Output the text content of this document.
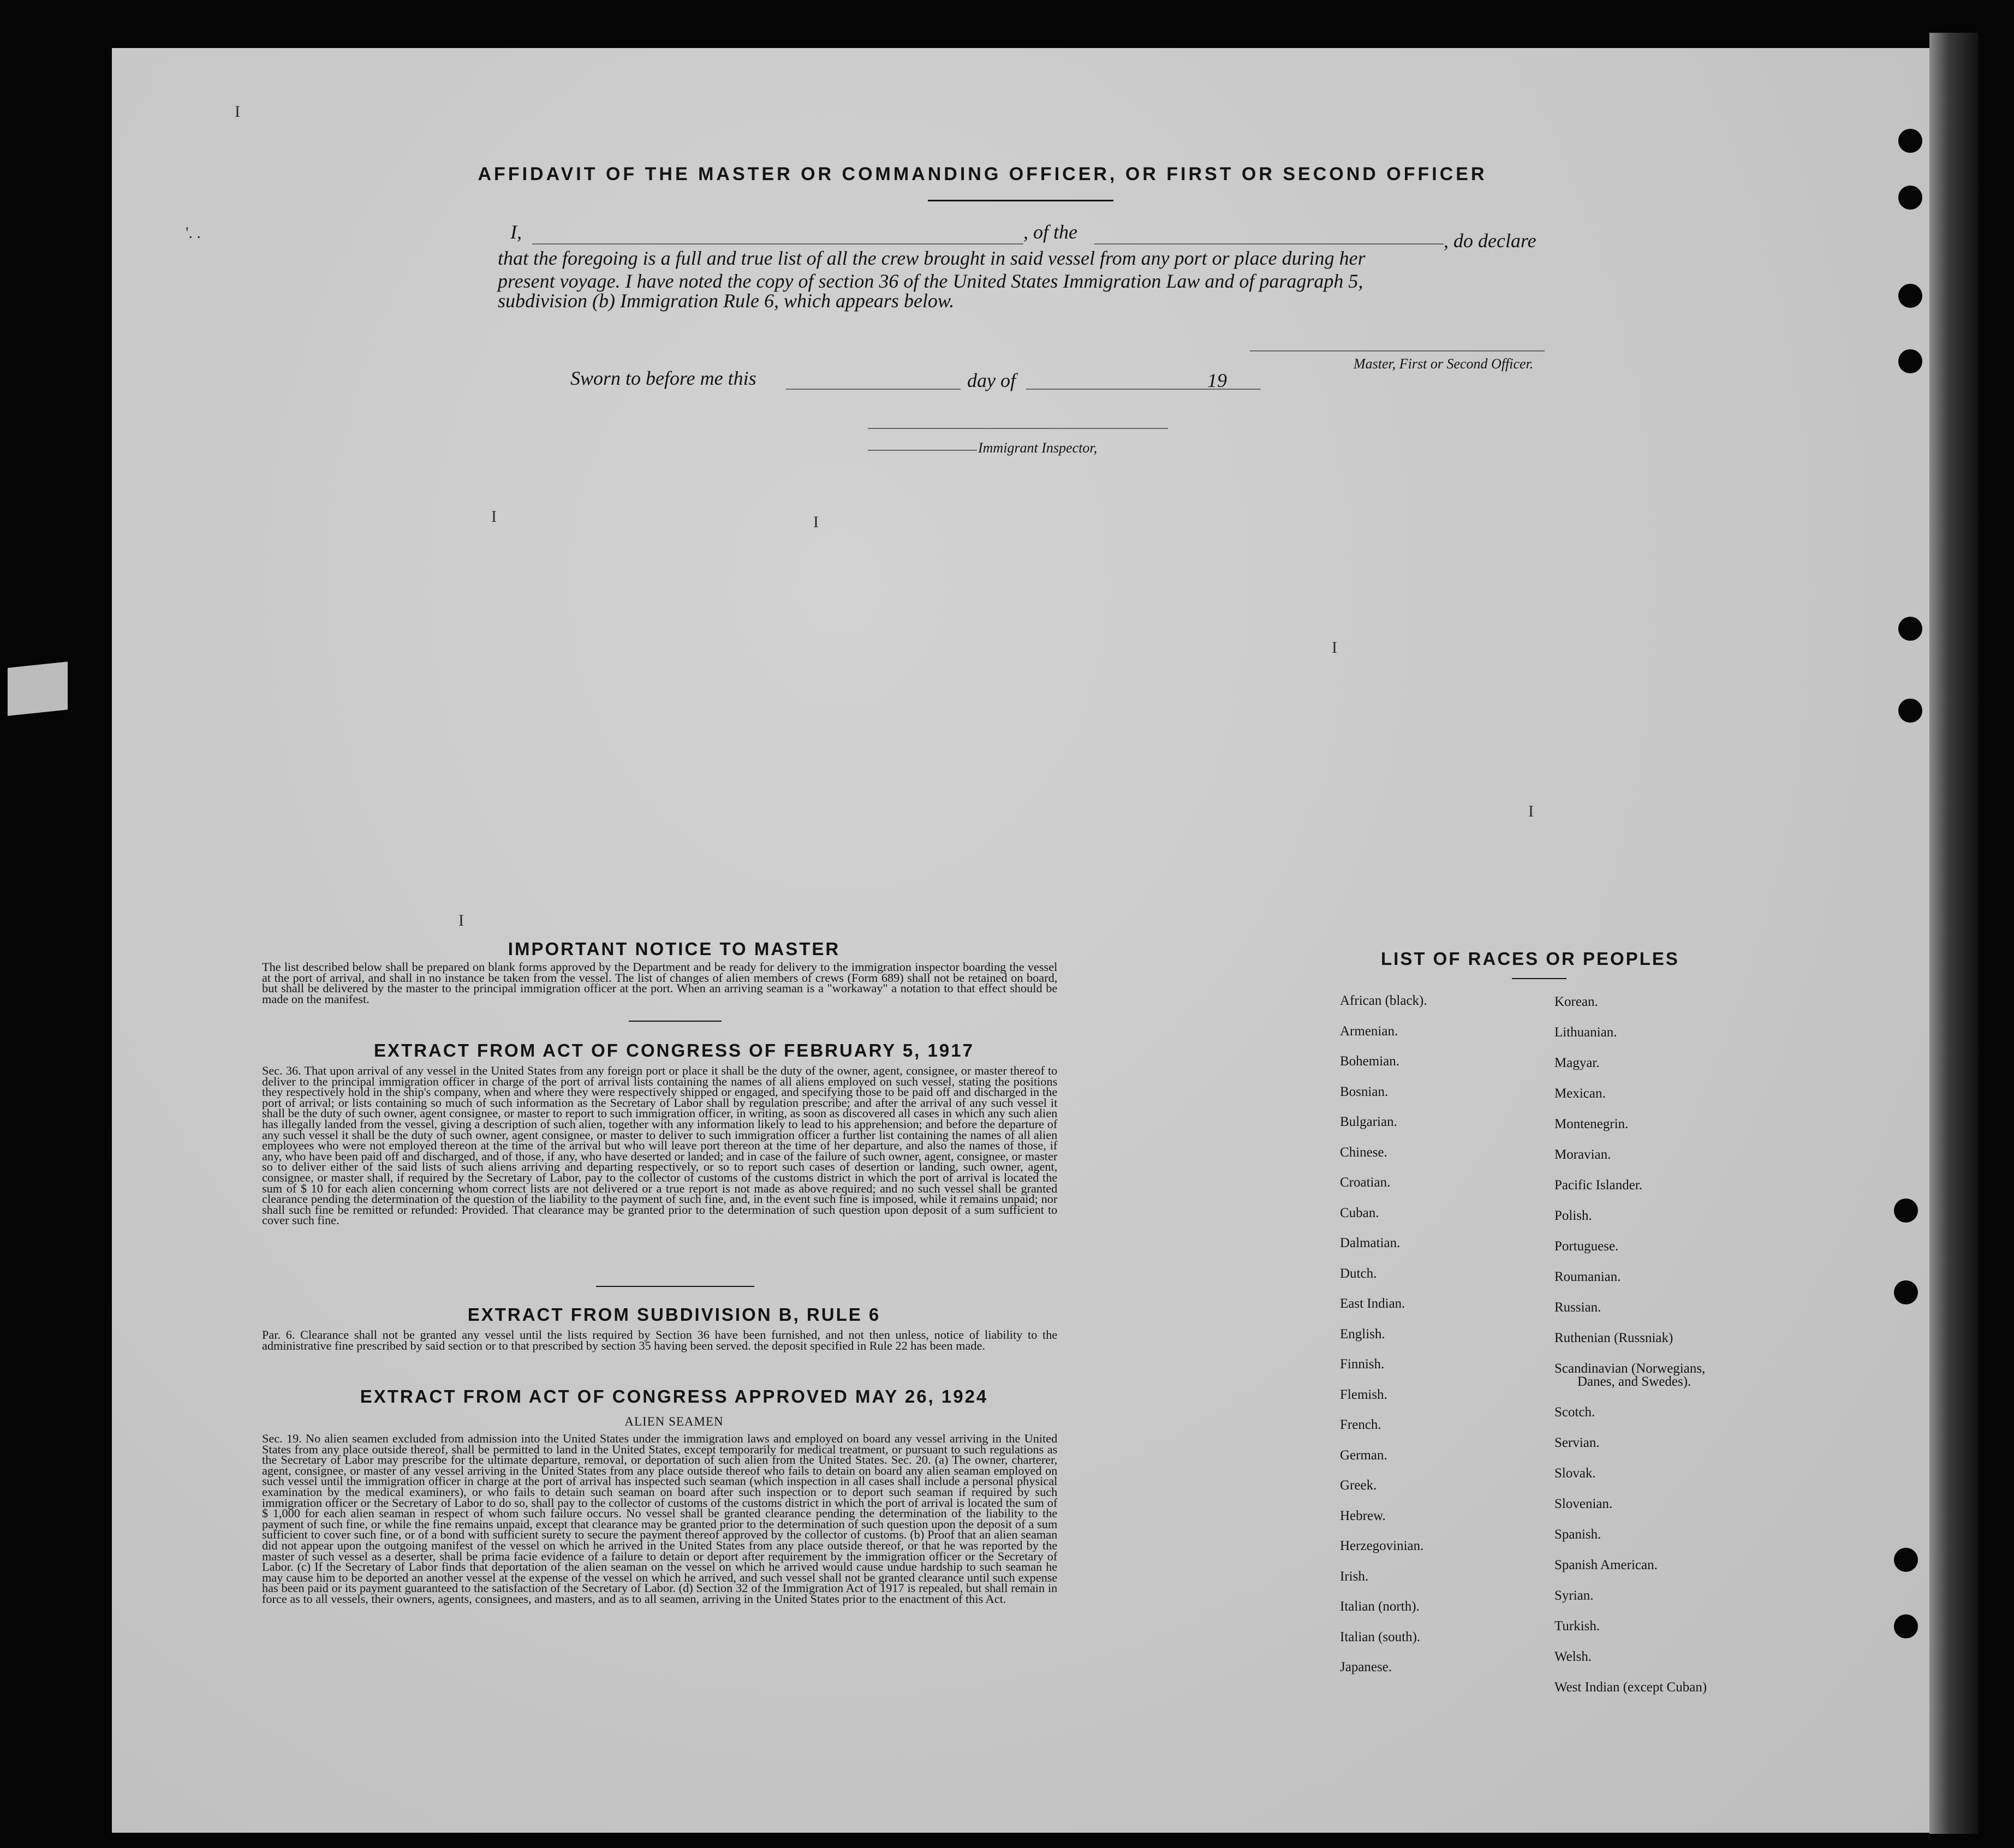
I
'. .
I	I
I
I
I
AFFIDAVIT OF THE MASTER OR COMMANDING OFFICER, OR FIRST OR SECOND OFFICER
I,	, of the	, do declare
that the foregoing is a full and true list of all the crew brought in said vessel from any port or place during her
present voyage. I have noted the copy of section 36 of the United States Immigration Law and of paragraph 5,
subdivision (b) Immigration Rule 6, which appears below.
Master, First or Second Officer.
Sworn to before me this	day of	19
Immigrant Inspector,
IMPORTANT NOTICE TO MASTER

The list described below shall be prepared on blank forms approved by the Department and be ready for delivery to the immigration inspector boarding the vessel at the port of arrival, and shall in no instance be taken from the vessel. The list of changes of alien members of crews (Form 689) shall not be retained on board, but shall be delivered by the master to the principal immigration officer at the port. When an arriving seaman is a "workaway" a notation to that effect should be made on the manifest.

EXTRACT FROM ACT OF CONGRESS OF FEBRUARY 5, 1917

Sec. 36. That upon arrival of any vessel in the United States from any foreign port or place it shall be the duty of the owner, agent, consignee, or master thereof to deliver to the principal immigration officer in charge of the port of arrival lists containing the names of all aliens employed on such vessel, stating the positions they respectively hold in the ship's company, when and where they were respectively shipped or engaged, and specifying those to be paid off and discharged in the port of arrival; or lists containing so much of such information as the Secretary of Labor shall by regulation prescribe; and after the arrival of any such vessel it shall be the duty of such owner, agent consignee, or master to report to such immigration officer, in writing, as soon as discovered all cases in which any such alien has illegally landed from the vessel, giving a description of such alien, together with any information likely to lead to his apprehension; and before the departure of any such vessel it shall be the duty of such owner, agent consignee, or master to deliver to such immigration officer a further list containing the names of all alien employees who were not employed thereon at the time of the arrival but who will leave port thereon at the time of her departure, and also the names of those, if any, who have been paid off and discharged, and of those, if any, who have deserted or landed; and in case of the failure of such owner, agent, consignee, or master so to deliver either of the said lists of such aliens arriving and departing respectively, or so to report such cases of desertion or landing, such owner, agent, consignee, or master shall, if required by the Secretary of Labor, pay to the collector of customs of the customs district in which the port of arrival is located the sum of $ 10 for each alien concerning whom correct lists are not delivered or a true report is not made as above required; and no such vessel shall be granted clearance pending the determination of the question of the liability to the payment of such fine, and, in the event such fine is imposed, while it remains unpaid; nor shall such fine be remitted or refunded: Provided. That clearance may be granted prior to the determination of such question upon deposit of a sum sufficient to cover such fine.

EXTRACT FROM SUBDIVISION B, RULE 6

Par. 6. Clearance shall not be granted any vessel until the lists required by Section 36 have been furnished, and not then unless, notice of liability to the administrative fine prescribed by said section or to that prescribed by section 35 having been served. the deposit specified in Rule 22 has been made.

EXTRACT FROM ACT OF CONGRESS APPROVED MAY 26, 1924
ALIEN SEAMEN

Sec. 19. No alien seamen excluded from admission into the United States under the immigration laws and employed on board any vessel arriving in the United States from any place outside thereof, shall be permitted to land in the United States, except temporarily for medical treatment, or pursuant to such regulations as the Secretary of Labor may prescribe for the ultimate departure, removal, or deportation of such alien from the United States. Sec. 20. (a) The owner, charterer, agent, consignee, or master of any vessel arriving in the United States from any place outside thereof who fails to detain on board any alien seaman employed on such vessel until the immigration officer in charge at the port of arrival has inspected such seaman (which inspection in all cases shall include a personal physical examination by the medical examiners), or who fails to detain such seaman on board after such inspection or to deport such seaman if required by such immigration officer or the Secretary of Labor to do so, shall pay to the collector of customs of the customs district in which the port of arrival is located the sum of $ 1,000 for each alien seaman in respect of whom such failure occurs. No vessel shall be granted clearance pending the determination of the liability to the payment of such fine, or while the fine remains unpaid, except that clearance may be granted prior to the determination of such question upon the deposit of a sum sufficient to cover such fine, or of a bond with sufficient surety to secure the payment thereof approved by the collector of customs. (b) Proof that an alien seaman did not appear upon the outgoing manifest of the vessel on which he arrived in the United States from any place outside thereof, or that he was reported by the master of such vessel as a deserter, shall be prima facie evidence of a failure to detain or deport after requirement by the immigration officer or the Secretary of Labor. (c) If the Secretary of Labor finds that deportation of the alien seaman on the vessel on which he arrived would cause undue hardship to such seaman he may cause him to be deported an another vessel at the expense of the vessel on which he arrived, and such vessel shall not be granted clearance until such expense has been paid or its payment guaranteed to the satisfaction of the Secretary of Labor. (d) Section 32 of the Immigration Act of 1917 is repealed, but shall remain in force as to all vessels, their owners, agents, consignees, and masters, and as to all seamen, arriving in the United States prior to the enactment of this Act.

LIST OF RACES OR PEOPLES
African (black).
Armenian.
Bohemian.
Bosnian.
Bulgarian.
Chinese.
Croatian.
Cuban.
Dalmatian.
Dutch.
East Indian.
English.
Finnish.
Flemish.
French.
German.
Greek.
Hebrew.
Herzegovinian.
Irish.
Italian (north).
Italian (south).
Japanese.
Korean.
Lithuanian.
Magyar.
Mexican.
Montenegrin.
Moravian.
Pacific Islander.
Polish.
Portuguese.
Roumanian.
Russian.
Ruthenian (Russniak)
Scandinavian (Norwegians,
Danes, and Swedes).
Scotch.
Servian.
Slovak.
Slovenian.
Spanish.
Spanish American.
Syrian.
Turkish.
Welsh.
West Indian (except Cuban)
